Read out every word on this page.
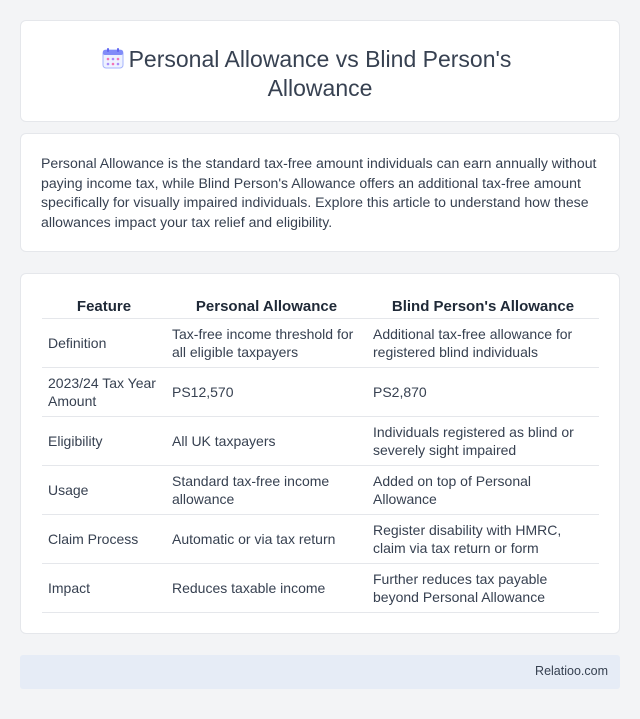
Personal Allowance vs Blind Person's Allowance

Personal Allowance is the standard tax-free amount individuals can earn annually without paying income tax, while Blind Person's Allowance offers an additional tax-free amount specifically for visually impaired individuals. Explore this article to understand how these allowances impact your tax relief and eligibility.

Feature	Personal Allowance	Blind Person's Allowance
Definition	Tax-free income threshold for all eligible taxpayers	Additional tax-free allowance for registered blind individuals
2023/24 Tax Year Amount	PS12,570	PS2,870
Eligibility	All UK taxpayers	Individuals registered as blind or severely sight impaired
Usage	Standard tax-free income allowance	Added on top of Personal Allowance
Claim Process	Automatic or via tax return	Register disability with HMRC, claim via tax return or form
Impact	Reduces taxable income	Further reduces tax payable beyond Personal Allowance
Relatioo.com
